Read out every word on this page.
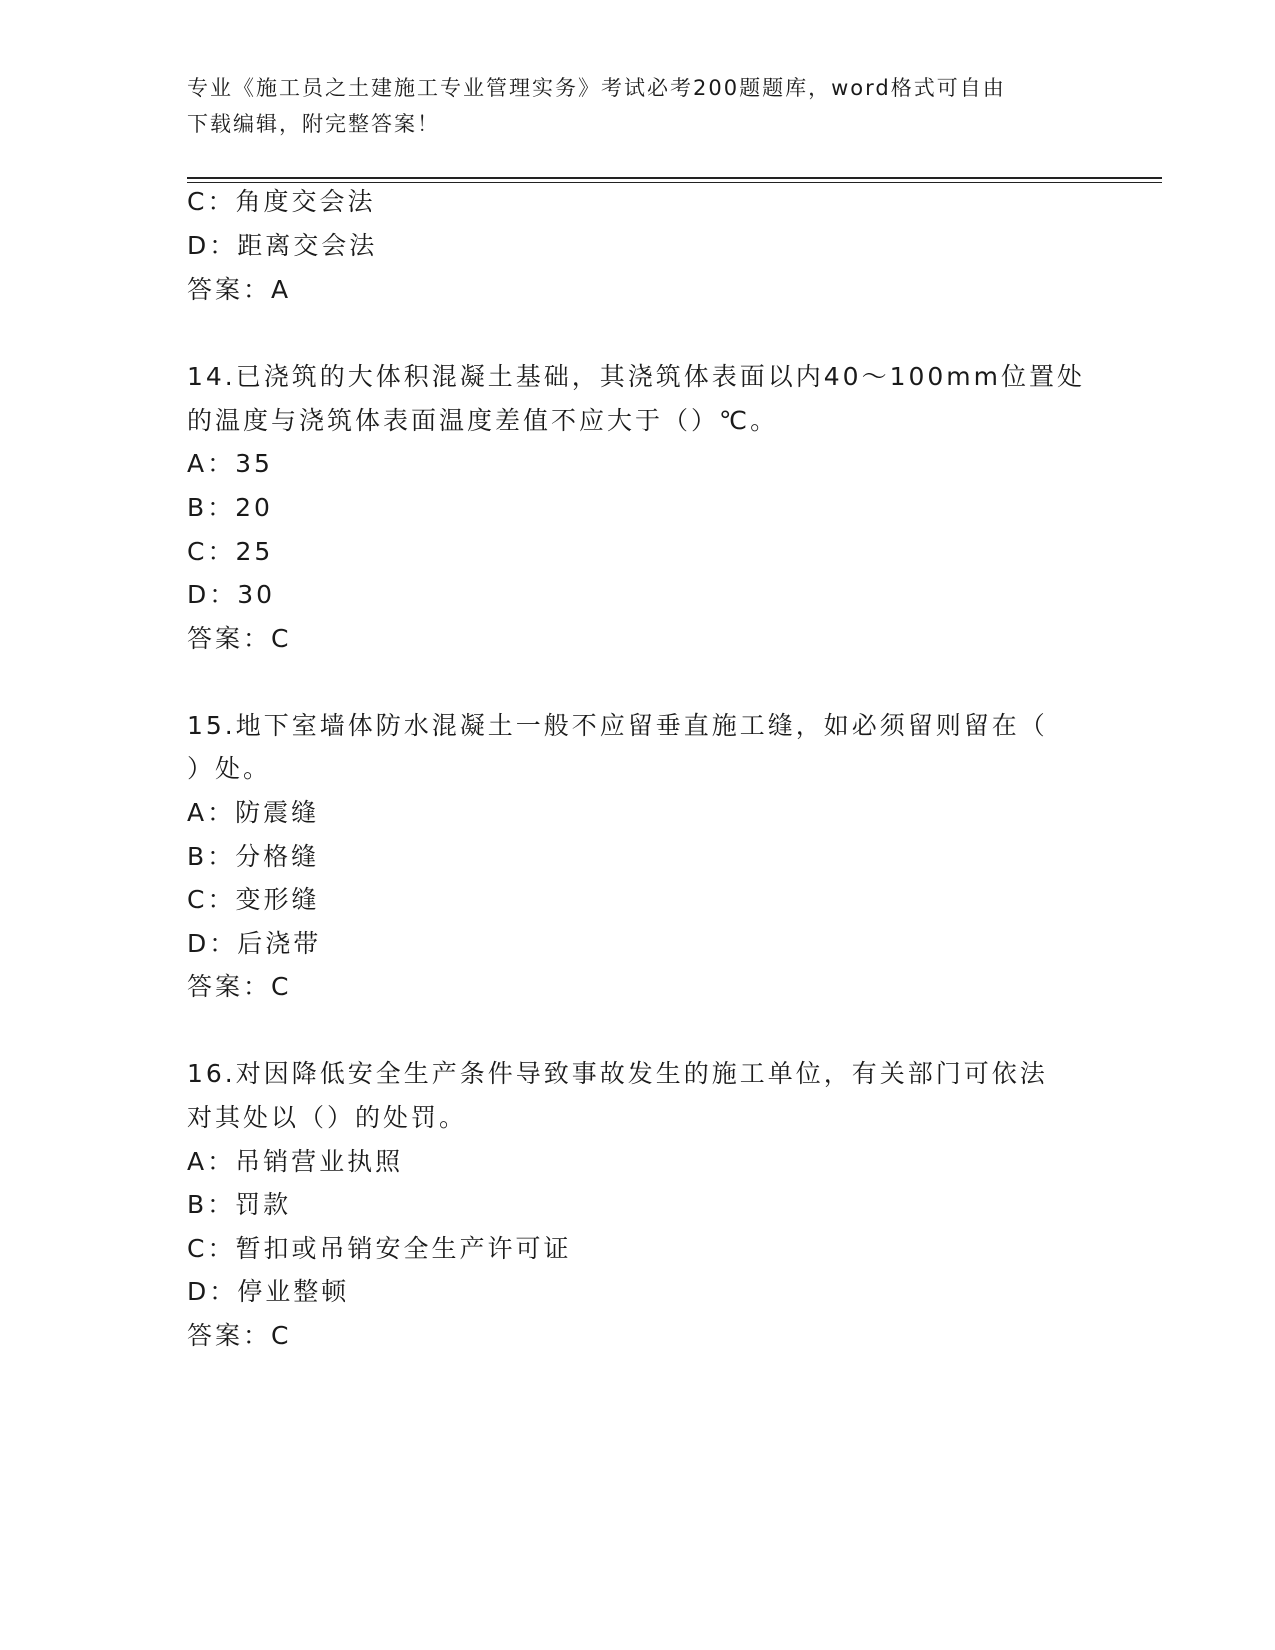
专业《施工员之土建施工专业管理实务》考试必考200题题库，word格式可自由
下载编辑，附完整答案！
C：角度交会法
D：距离交会法
答案：A
14.已浇筑的大体积混凝土基础，其浇筑体表面以内40～100mm位置处
的温度与浇筑体表面温度差值不应大于（）℃。
A：35
B：20
C：25
D：30
答案：C
15.地下室墙体防水混凝土一般不应留垂直施工缝，如必须留则留在（
）处。
A：防震缝
B：分格缝
C：变形缝
D：后浇带
答案：C
16.对因降低安全生产条件导致事故发生的施工单位，有关部门可依法
对其处以（）的处罚。
A：吊销营业执照
B：罚款
C：暂扣或吊销安全生产许可证
D：停业整顿
答案：C
